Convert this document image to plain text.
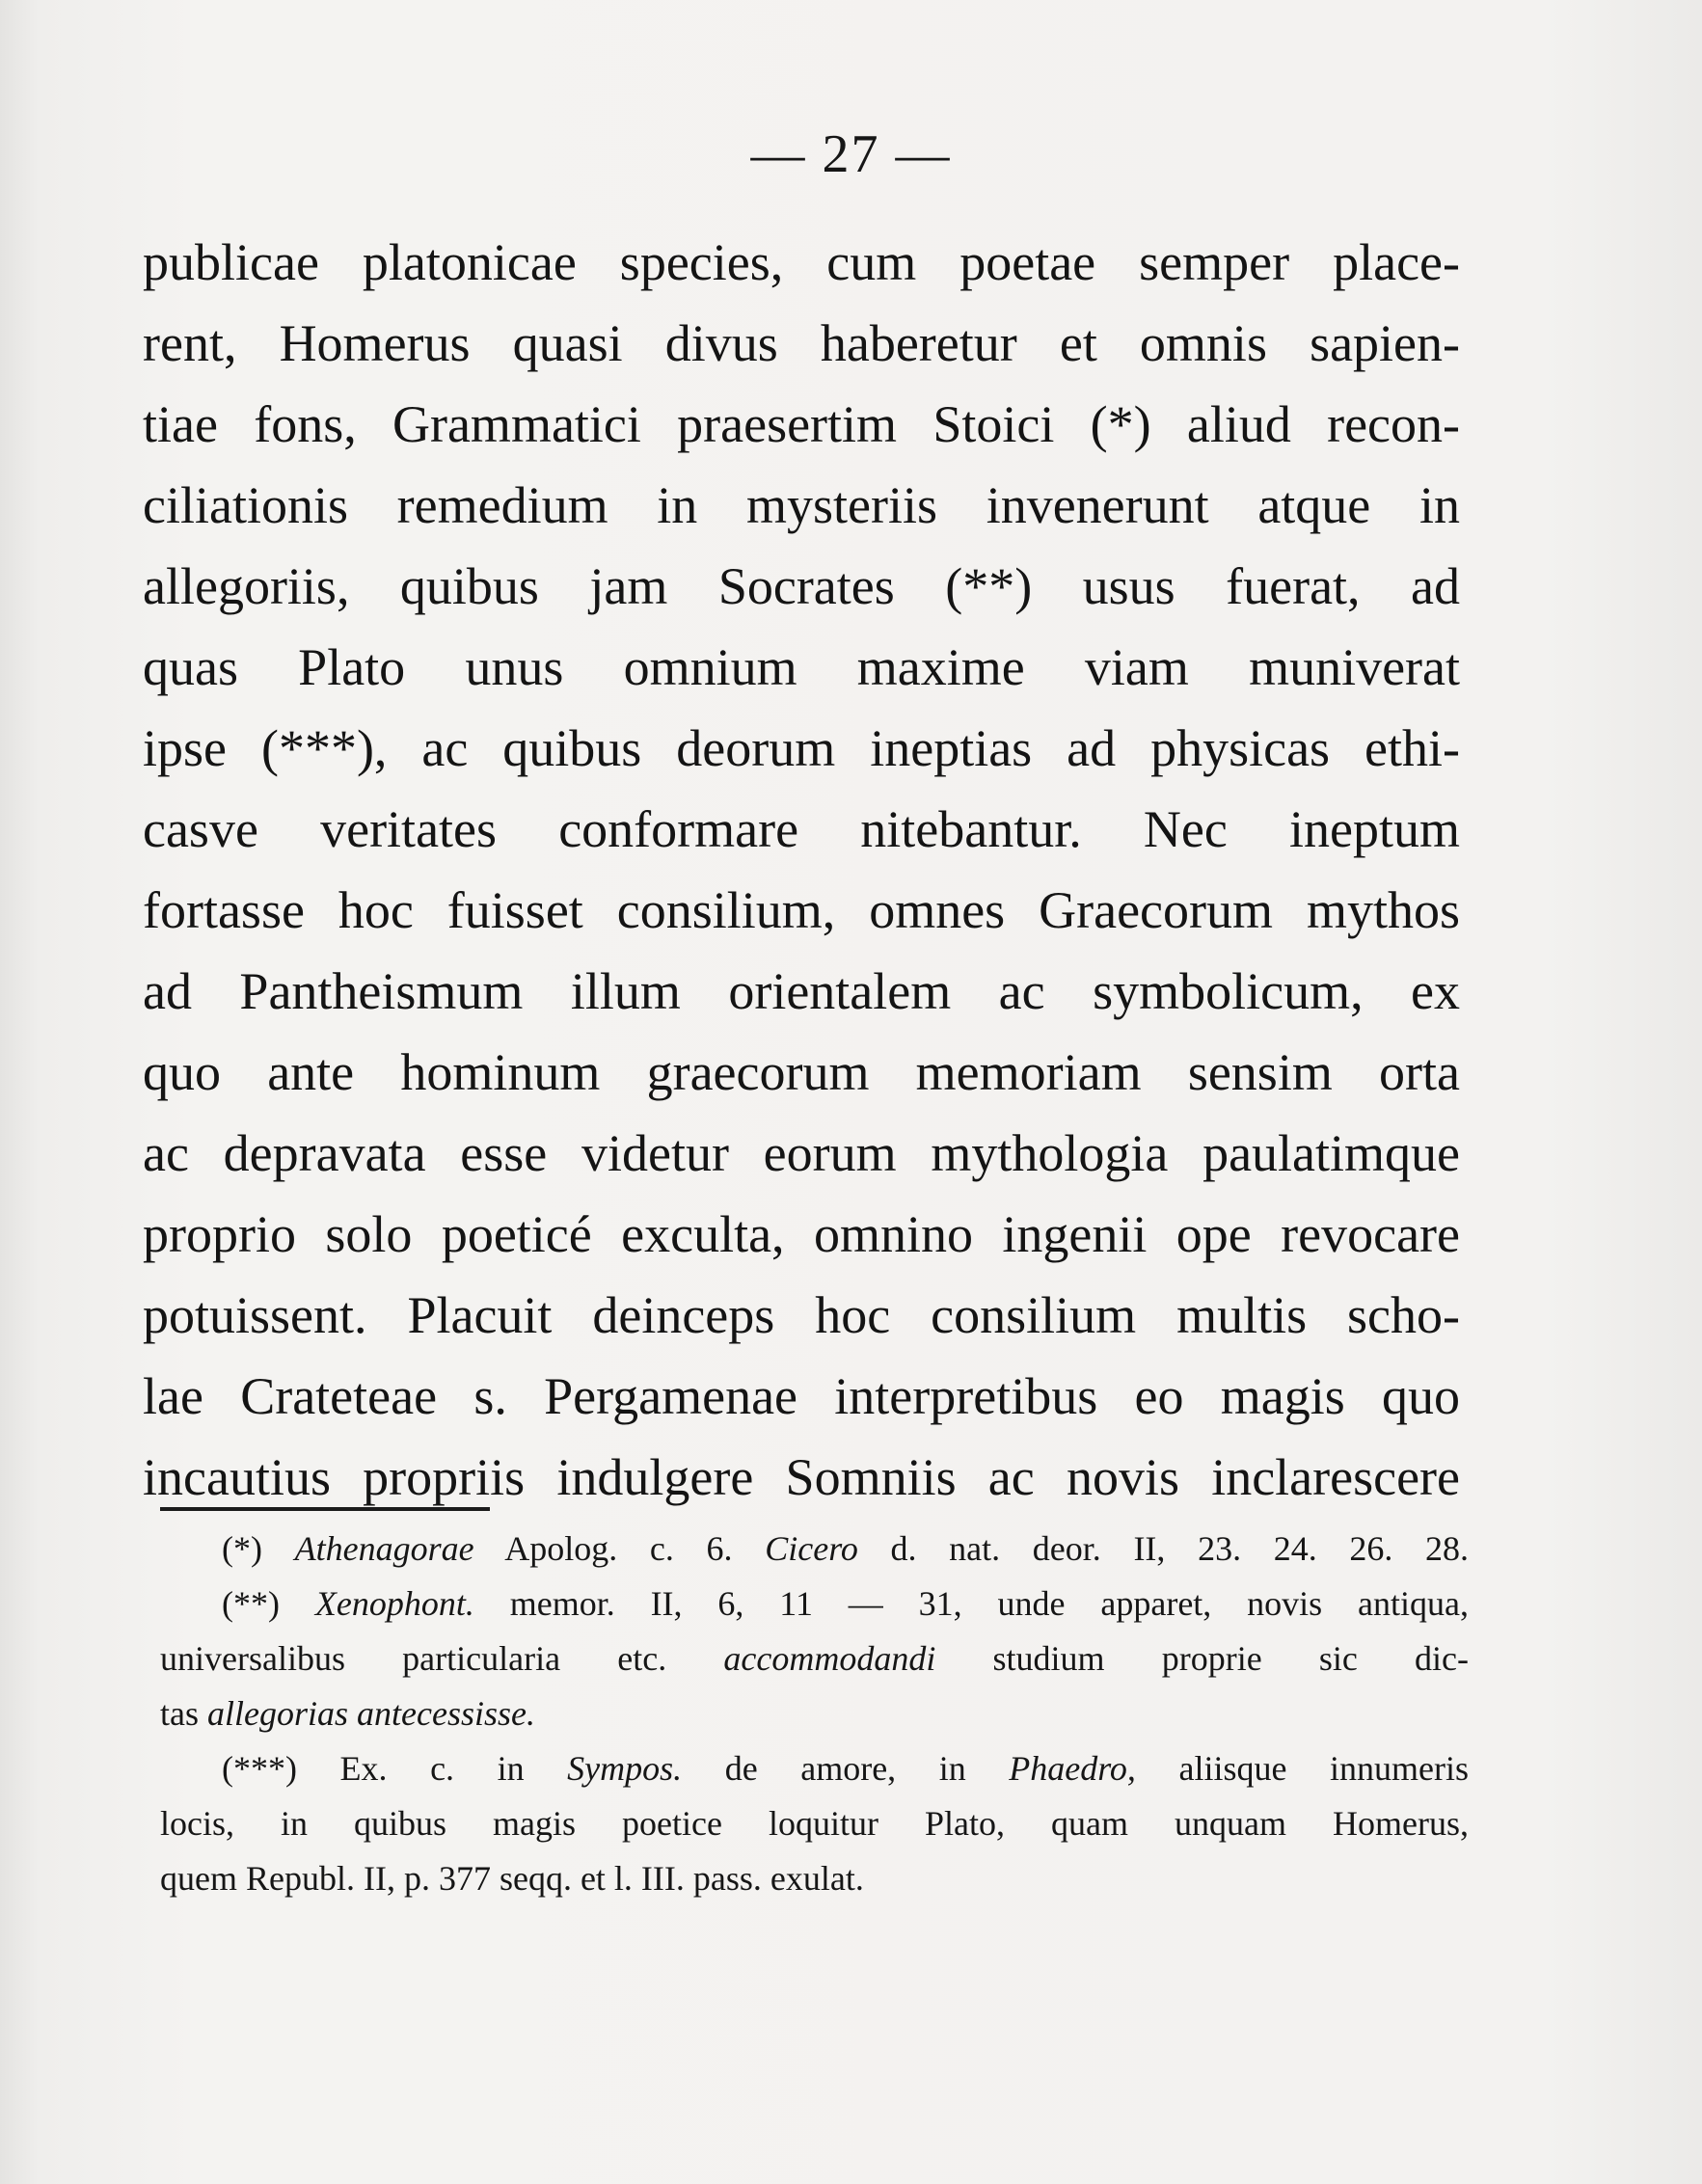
— 27 —
publicae platonicae species, cum poetae semper place-
rent, Homerus quasi divus haberetur et omnis sapien-
tiae fons, Grammatici praesertim Stoici (*) aliud recon-
ciliationis remedium in mysteriis invenerunt atque in
allegoriis, quibus jam Socrates (**) usus fuerat, ad
quas Plato unus omnium maxime viam muniverat
ipse (***), ac quibus deorum ineptias ad physicas ethi-
casve veritates conformare nitebantur. Nec ineptum
fortasse hoc fuisset consilium, omnes Graecorum mythos
ad Pantheismum illum orientalem ac symbolicum, ex
quo ante hominum graecorum memoriam sensim orta
ac depravata esse videtur eorum mythologia paulatimque
proprio solo poeticé exculta, omnino ingenii ope revocare
potuissent. Placuit deinceps hoc consilium multis scho-
lae Crateteae s. Pergamenae interpretibus eo magis quo
incautius propriis indulgere Somniis ac novis inclarescere
(*) Athenagorae Apolog. c. 6. Cicero d. nat. deor. II, 23. 24. 26. 28.
(**) Xenophont. memor. II, 6, 11 — 31, unde apparet, novis antiqua,
universalibus particularia etc. accommodandi studium proprie sic dic-
tas allegorias antecessisse.
(***) Ex. c. in Sympos. de amore, in Phaedro, aliisque innumeris
locis, in quibus magis poetice loquitur Plato, quam unquam Homerus,
quem Republ. II, p. 377 seqq. et l. III. pass. exulat.
